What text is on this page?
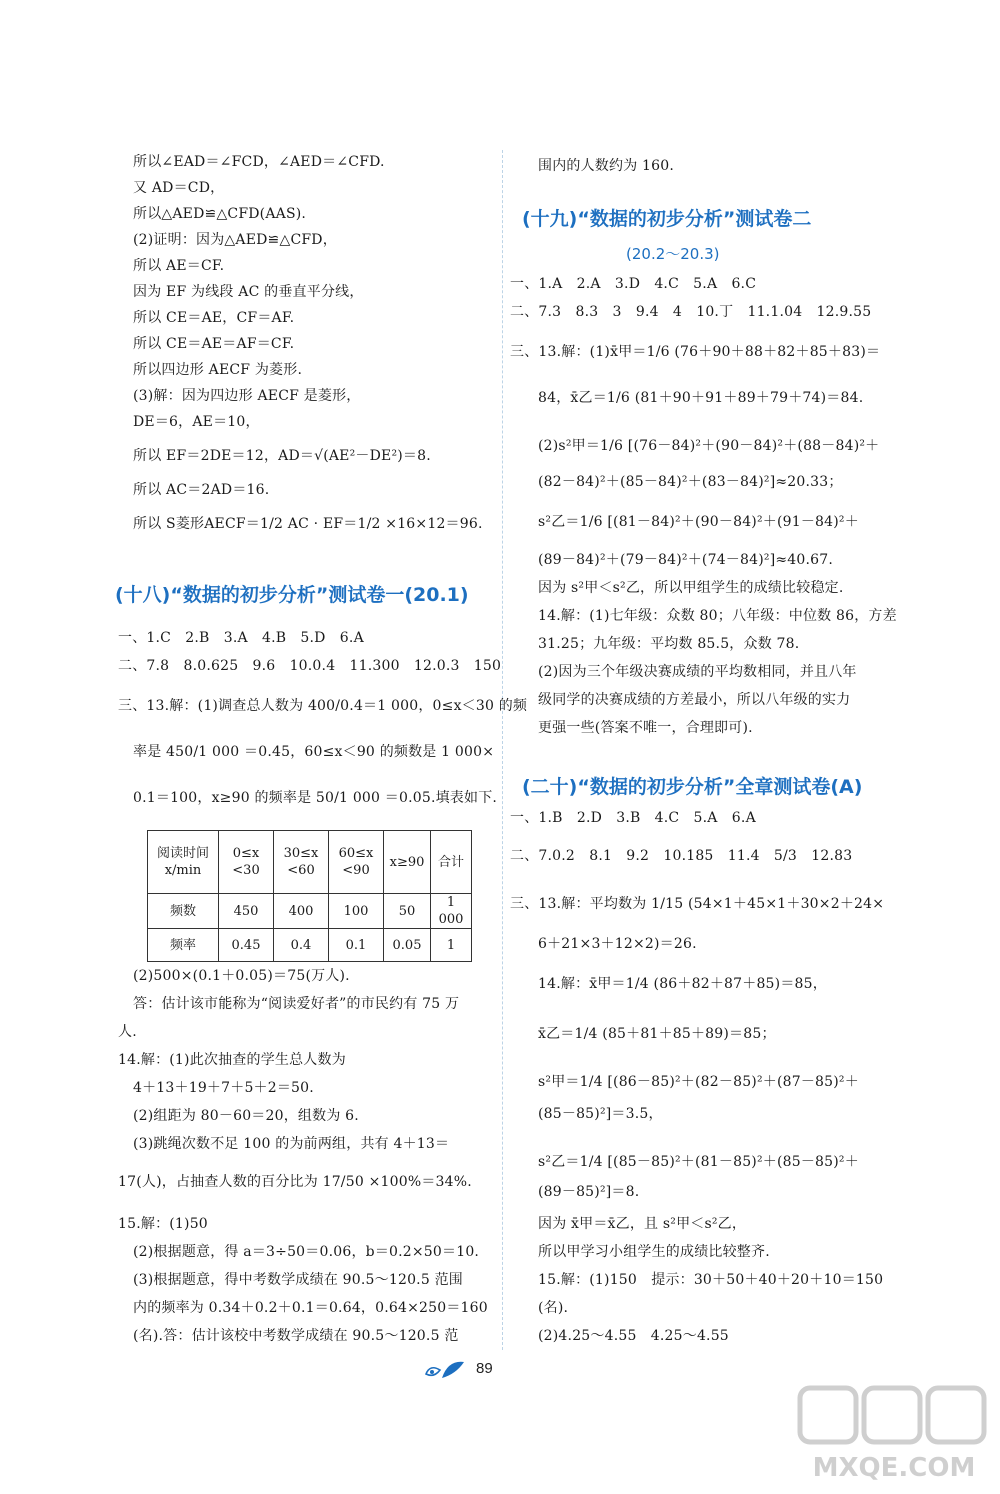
所以∠EAD＝∠FCD，∠AED＝∠CFD.
又 AD＝CD，
所以△AED≌△CFD(AAS).
(2)证明：因为△AED≌△CFD，
所以 AE＝CF.
因为 EF 为线段 AC 的垂直平分线，
所以 CE＝AE，CF＝AF.
所以 CE＝AE＝AF＝CF.
所以四边形 AECF 为菱形.
(3)解：因为四边形 AECF 是菱形，
DE＝6，AE＝10，
所以 EF＝2DE＝12，AD＝√(AE²－DE²)＝8.
所以 AC＝2AD＝16.
所以 S菱形AECF＝1/2 AC · EF＝1/2 ×16×12＝96.
(十八)“数据的初步分析”测试卷一(20.1)
一、1.C　2.B　3.A　4.B　5.D　6.A
二、7.8　8.0.625　9.6　10.0.4　11.300　12.0.3　150
三、13.解：(1)调查总人数为 400/0.4＝1 000，0≤x＜30 的频
率是 450/1 000 ＝0.45，60≤x＜90 的频数是 1 000×
0.1＝100，x≥90 的频率是 50/1 000 ＝0.05.填表如下.
阅读时间 x/min	0≤x <30	30≤x <60	60≤x <90	x≥90	合计
频数	450	400	100	50	1 000
频率	0.45	0.4	0.1	0.05	1
(2)500×(0.1＋0.05)＝75(万人).
答：估计该市能称为“阅读爱好者”的市民约有 75 万
人.
14.解：(1)此次抽查的学生总人数为
4＋13＋19＋7＋5＋2＝50.
(2)组距为 80－60＝20，组数为 6.
(3)跳绳次数不足 100 的为前两组，共有 4＋13＝
17(人)，占抽查人数的百分比为 17/50 ×100%＝34%.
15.解：(1)50
(2)根据题意，得 a＝3÷50＝0.06，b＝0.2×50＝10.
(3)根据题意，得中考数学成绩在 90.5～120.5 范围
内的频率为 0.34＋0.2＋0.1＝0.64，0.64×250＝160
(名).答：估计该校中考数学成绩在 90.5～120.5 范
围内的人数约为 160.
(十九)“数据的初步分析”测试卷二
(20.2～20.3)
一、1.A　2.A　3.D　4.C　5.A　6.C
二、7.3　8.3　3　9.4　4　10.丁　11.1.04　12.9.55
三、13.解：(1)x̄甲＝1/6 (76＋90＋88＋82＋85＋83)＝
84，x̄乙＝1/6 (81＋90＋91＋89＋79＋74)＝84.
(2)s²甲＝1/6 [(76－84)²＋(90－84)²＋(88－84)²＋
(82－84)²＋(85－84)²＋(83－84)²]≈20.33；
s²乙＝1/6 [(81－84)²＋(90－84)²＋(91－84)²＋
(89－84)²＋(79－84)²＋(74－84)²]≈40.67.
因为 s²甲＜s²乙，所以甲组学生的成绩比较稳定.
14.解：(1)七年级：众数 80；八年级：中位数 86，方差
31.25；九年级：平均数 85.5，众数 78.
(2)因为三个年级决赛成绩的平均数相同，并且八年
级同学的决赛成绩的方差最小，所以八年级的实力
更强一些(答案不唯一，合理即可).
(二十)“数据的初步分析”全章测试卷(A)
一、1.B　2.D　3.B　4.C　5.A　6.A
二、7.0.2　8.1　9.2　10.185　11.4　5/3　12.83
三、13.解：平均数为 1/15 (54×1＋45×1＋30×2＋24×
6＋21×3＋12×2)＝26.
14.解：x̄甲＝1/4 (86＋82＋87＋85)＝85，
x̄乙＝1/4 (85＋81＋85＋89)＝85；
s²甲＝1/4 [(86－85)²＋(82－85)²＋(87－85)²＋
(85－85)²]＝3.5，
s²乙＝1/4 [(85－85)²＋(81－85)²＋(85－85)²＋
(89－85)²]＝8.
因为 x̄甲＝x̄乙，且 s²甲＜s²乙，
所以甲学习小组学生的成绩比较整齐.
15.解：(1)150　提示：30＋50＋40＋20＋10＝150
(名).
(2)4.25～4.55　4.25～4.55
89
MXQE.COM
